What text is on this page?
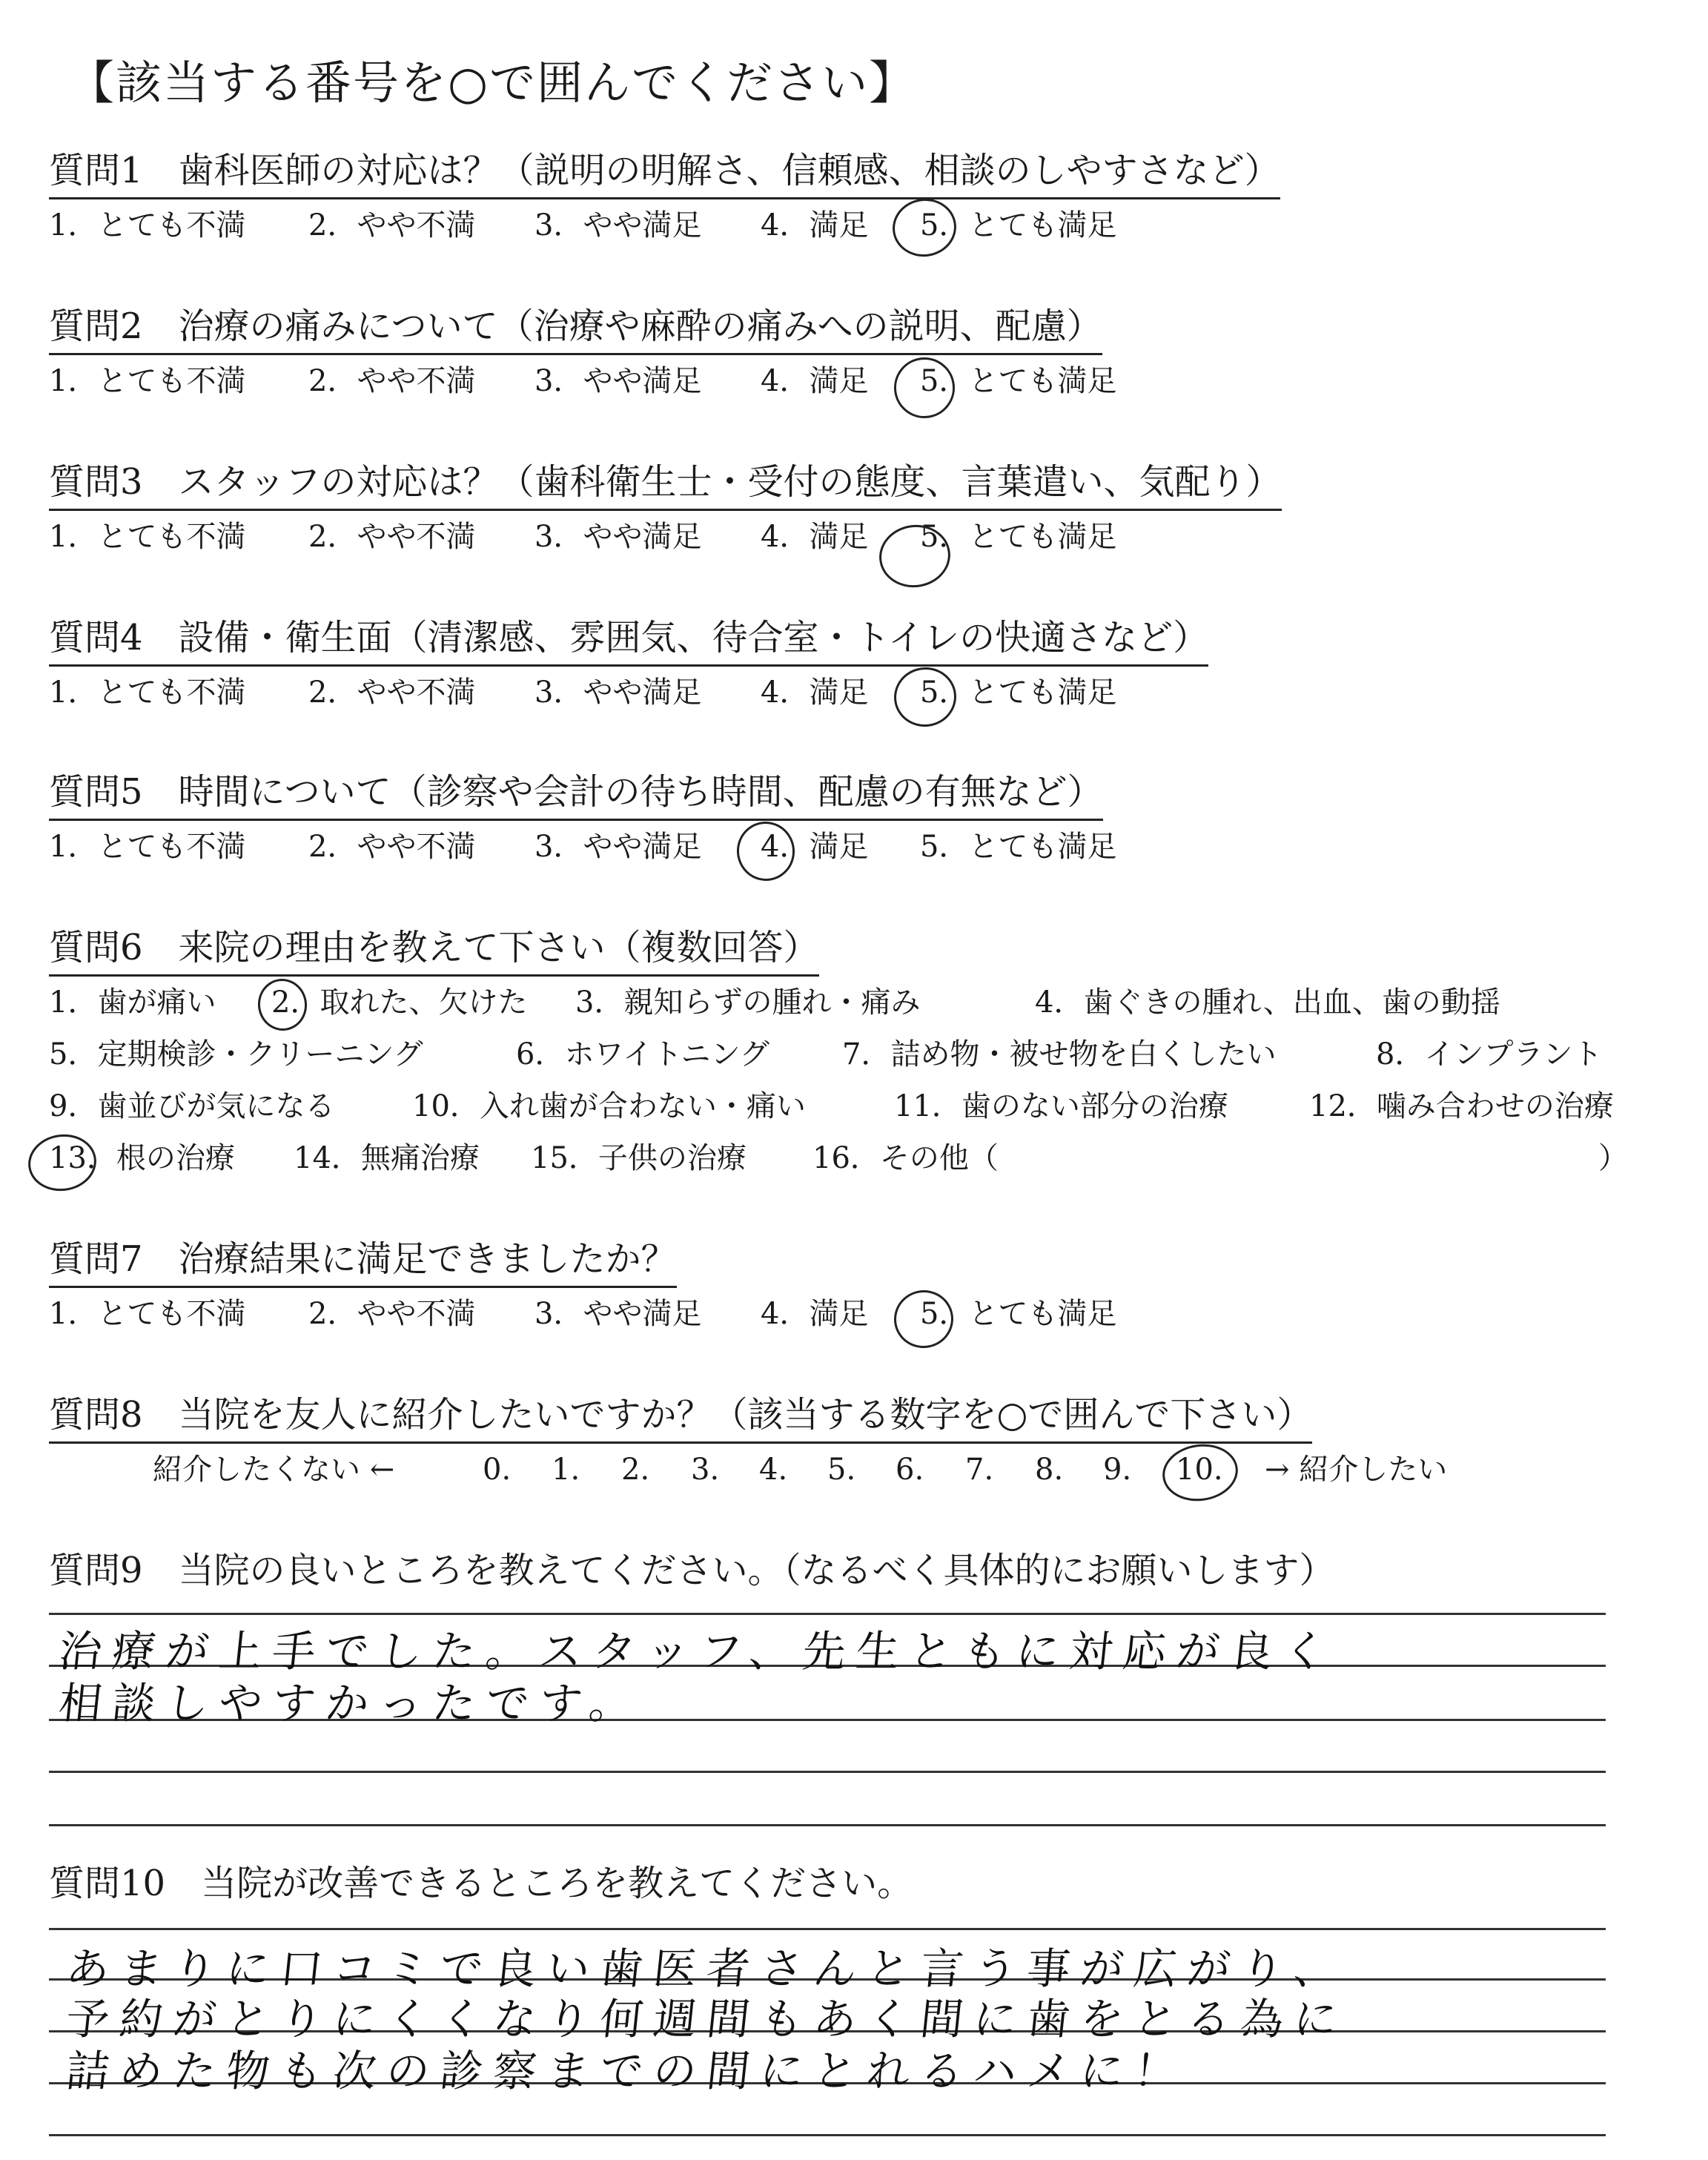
【該当する番号を○で囲んでください】
質問1　歯科医師の対応は？（説明の明解さ、信頼感、相談のしやすさなど）
1．とても不満 2．やや不満 3．やや満足 4．満足 5．とても満足
質問2　治療の痛みについて（治療や麻酔の痛みへの説明、配慮）
1．とても不満 2．やや不満 3．やや満足 4．満足 5．とても満足
質問3　スタッフの対応は？（歯科衛生士・受付の態度、言葉遣い、気配り）
1．とても不満 2．やや不満 3．やや満足 4．満足 5．とても満足
質問4　設備・衛生面（清潔感、雰囲気、待合室・トイレの快適さなど）
1．とても不満 2．やや不満 3．やや満足 4．満足 5．とても満足
質問5　時間について（診察や会計の待ち時間、配慮の有無など）
1．とても不満 2．やや不満 3．やや満足 4．満足 5．とても満足
質問6　来院の理由を教えて下さい（複数回答）
1．歯が痛い 2．取れた、欠けた 3．親知らずの腫れ・痛み	4．歯ぐきの腫れ、出血、歯の動揺
5．定期検診・クリーニング	6．ホワイトニング 7．詰め物・被せ物を白くしたい	8．インプラント
9．歯並びが気になる	10．入れ歯が合わない・痛い	11．歯のない部分の治療	12．噛み合わせの治療
13．根の治療 14．無痛治療 15．子供の治療 16．その他（	）
質問7　治療結果に満足できましたか？
1．とても不満 2．やや不満 3．やや満足 4．満足 5．とても満足
質問8　当院を友人に紹介したいですか？（該当する数字を○で囲んで下さい）
紹介したくない ←	0. 1. 2. 3. 4. 5. 6. 7. 8. 9. 10. → 紹介したい
質問9　当院の良いところを教えてください。（なるべく具体的にお願いします）
治療が上手でした。スタッフ、先生ともに対応が良く
相談しやすかったです。
質問10　当院が改善できるところを教えてください。
あまりに口コミで良い歯医者さんと言う事が広がり、
予約がとりにくくなり何週間もあく間に歯をとる為に
詰めた物も次の診察までの間にとれるハメに！
